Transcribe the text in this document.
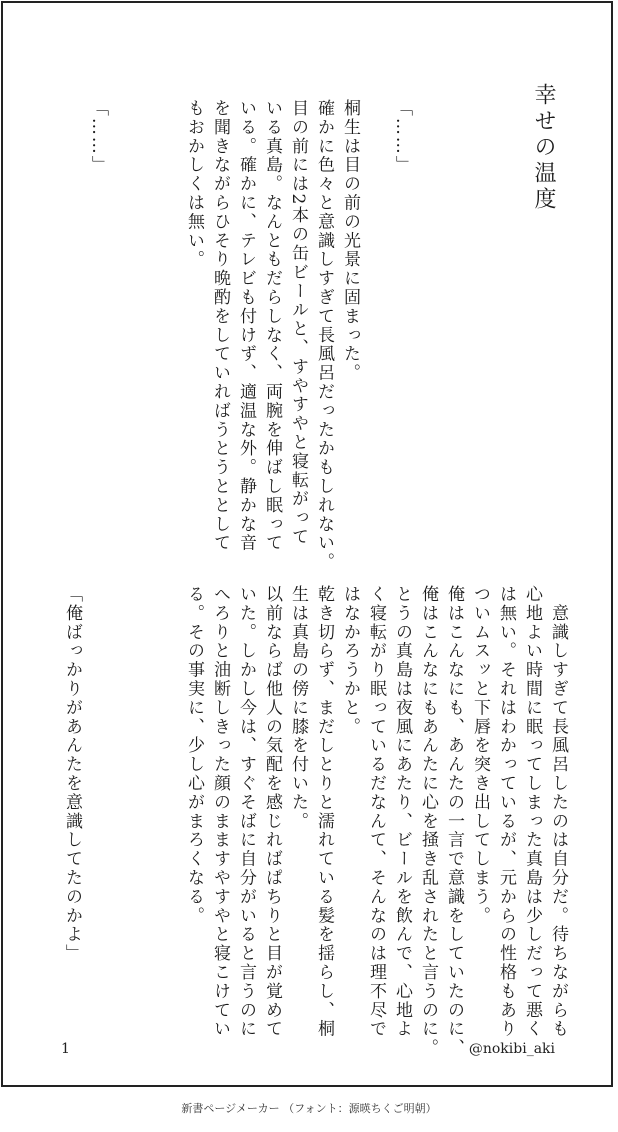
幸せの温度
「……」
桐生は目の前の光景に固まった。
確かに色々と意識しすぎて長風呂だったかもしれない。
目の前には2本の缶ビールと、すやすやと寝転がって
いる真島。なんともだらしなく、両腕を伸ばし眠って
いる。確かに、テレビも付けず、適温な外。静かな音
を聞きながらひそり晩酌をしていればうとうととして
もおかしくは無い。
「……」
　意識しすぎて長風呂したのは自分だ。待ちながらも
心地よい時間に眠ってしまった真島は少しだって悪く
は無い。それはわかっているが、元からの性格もあり
ついムスッと下唇を突き出してしまう。
俺はこんなにも、あんたの一言で意識をしていたのに、
俺はこんなにもあんたに心を掻き乱されたと言うのに。
とうの真島は夜風にあたり、ビールを飲んで、心地よ
く寝転がり眠っているだなんて、そんなのは理不尽で
はなかろうかと。
乾き切らず、まだしとりと濡れている髪を揺らし、桐
生は真島の傍に膝を付いた。
以前ならば他人の気配を感じればぱちりと目が覚めて
いた。しかし今は、すぐそばに自分がいると言うのに
へろりと油断しきった顔のまますやすやと寝こけてい
る。その事実に、少し心がまろくなる。
「俺ばっかりがあんたを意識してたのかよ」
1	@nokibi_aki
新書ページメーカー （フォント：源暎ちくご明朝）
